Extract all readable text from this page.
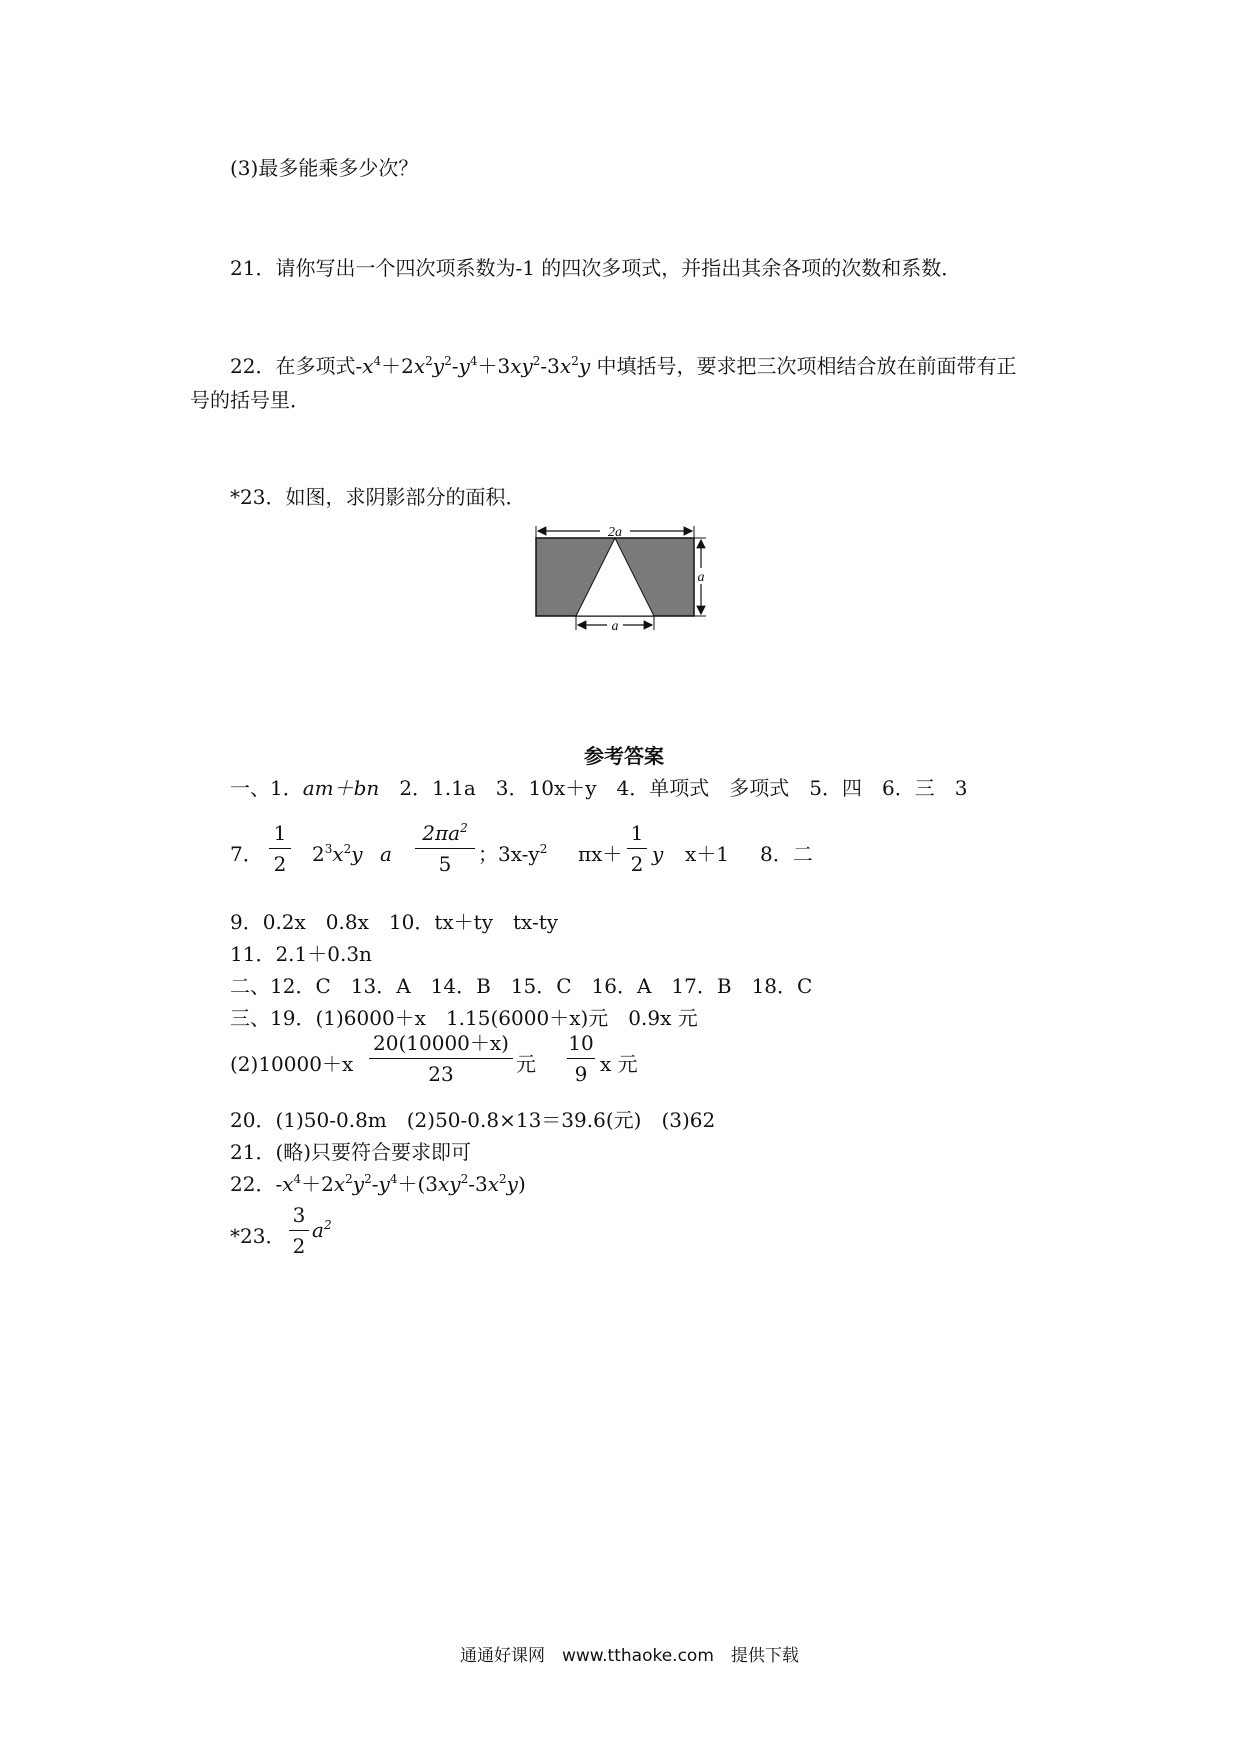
(3)最多能乘多少次？
21．请你写出一个四次项系数为-1 的四次多项式，并指出其余各项的次数和系数．
22．在多项式$-x^4+2x^2y^2-y^4+3xy^2-3x^2y$ 中填括号，要求把三次项相结合放在前面带有正
号的括号里．
*23．如图，求阴影部分的面积．
2a
a
a
参考答案
一、1．am＋bn　 2．1.1a　 3．10x＋y　 4．单项式　多项式　 5．四　 6．三　3
7．
1
2 $2^3x^2y$ a
$2\pi a^2$
5	；$3x-y^2$ πx＋
1
2 y x＋1 8．二
9．0.2x　0.8x　10．tx＋ty　tx-ty
11．2.1＋0.3n
二、12．C　13．A　14．B　15．C　16．A　17．B　18．C
三、19．(1)6000＋x　1.15(6000＋x)元　0.9x 元
(2)10000＋x
20(10000＋x)
23	元
10
9 x 元
20．(1)50-0.8m　(2)50-0.8×13＝39.6(元)　(3)62
21．(略)只要符合要求即可
22．$-x^4+2x^2y^2-y^4+(3xy^2-3x^2y)$
*23．
3
2
$a^2$
通通好课网　www.tthaoke.com　提供下载
